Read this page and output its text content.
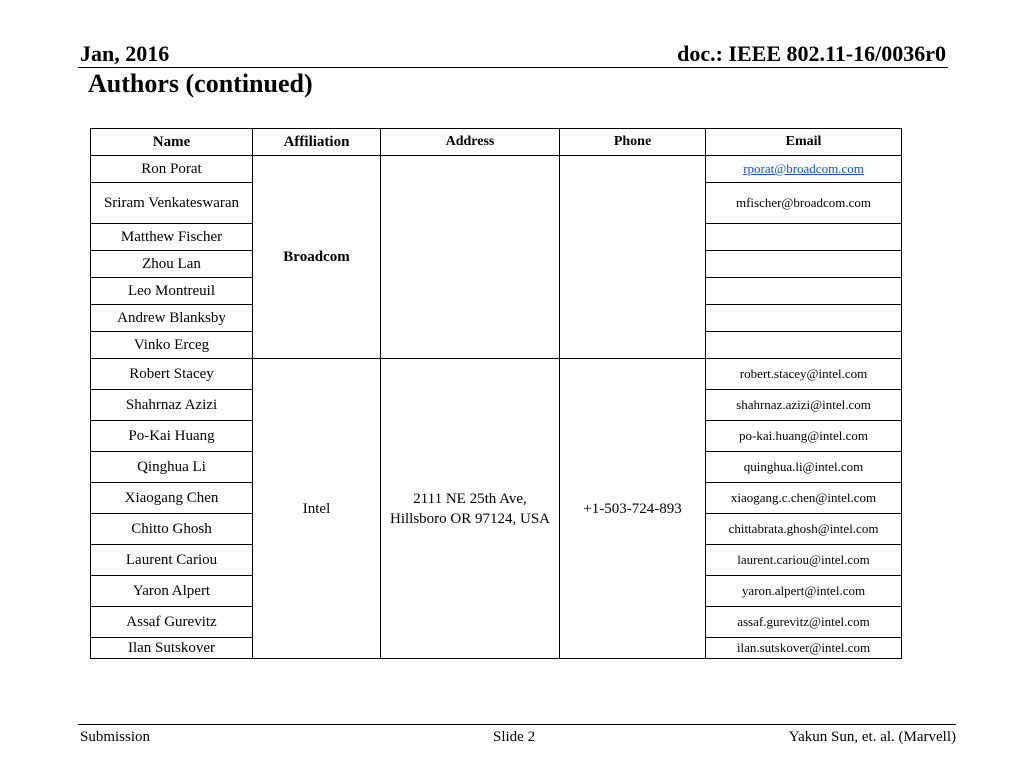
Jan, 2016	doc.: IEEE 802.11-16/0036r0
Authors (continued)
Name	Affiliation	Address	Phone	Email
Ron Porat	Broadcom			rporat@broadcom.com
Sriram Venkateswaran				mfischer@broadcom.com
Matthew Fischer				
Zhou Lan				
Leo Montreuil				
Andrew Blanksby				
Vinko Erceg				
Robert Stacey	Intel	2111 NE 25th Ave, Hillsboro OR 97124, USA	+1-503-724-893	robert.stacey@intel.com
Shahrnaz Azizi				shahrnaz.azizi@intel.com
Po-Kai Huang				po-kai.huang@intel.com
Qinghua Li				quinghua.li@intel.com
Xiaogang Chen				xiaogang.c.chen@intel.com
Chitto Ghosh				chittabrata.ghosh@intel.com
Laurent Cariou				laurent.cariou@intel.com
Yaron Alpert				yaron.alpert@intel.com
Assaf Gurevitz				assaf.gurevitz@intel.com
Ilan Sutskover				ilan.sutskover@intel.com
Submission	Slide 2	Yakun Sun, et. al. (Marvell)
